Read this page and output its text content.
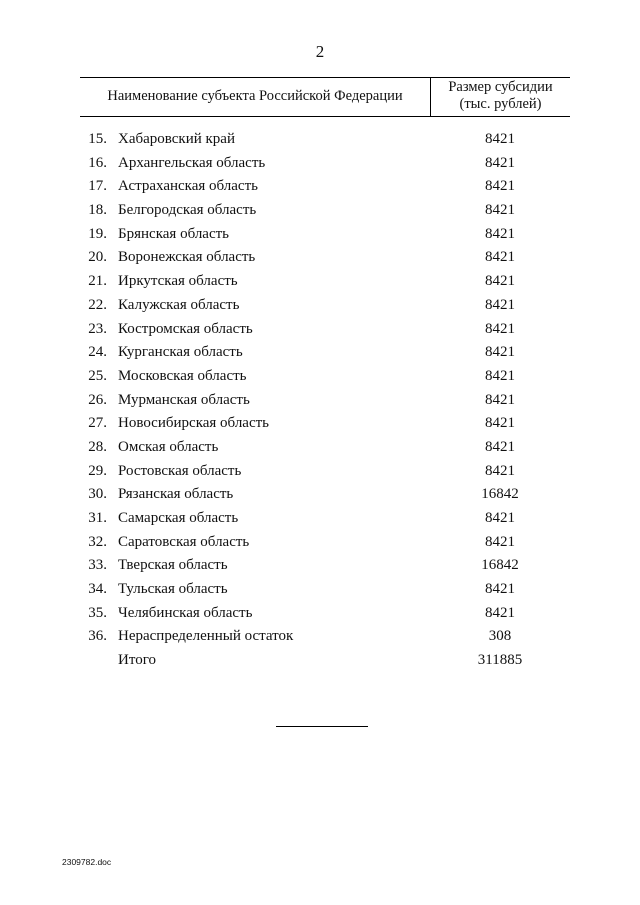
2
Наименование субъекта Российской Федерации
Размер субсидии
(тыс. рублей)
15. Хабаровский край	8421
16. Архангельская область	8421
17. Астраханская область	8421
18. Белгородская область	8421
19. Брянская область	8421
20. Воронежская область	8421
21. Иркутская область	8421
22. Калужская область	8421
23. Костромская область	8421
24. Курганская область	8421
25. Московская область	8421
26. Мурманская область	8421
27. Новосибирская область	8421
28. Омская область	8421
29. Ростовская область	8421
30. Рязанская область	16842
31. Самарская область	8421
32. Саратовская область	8421
33. Тверская область	16842
34. Тульская область	8421
35. Челябинская область	8421
36. Нераспределенный остаток	308
Итого	311885
2309782.doc
